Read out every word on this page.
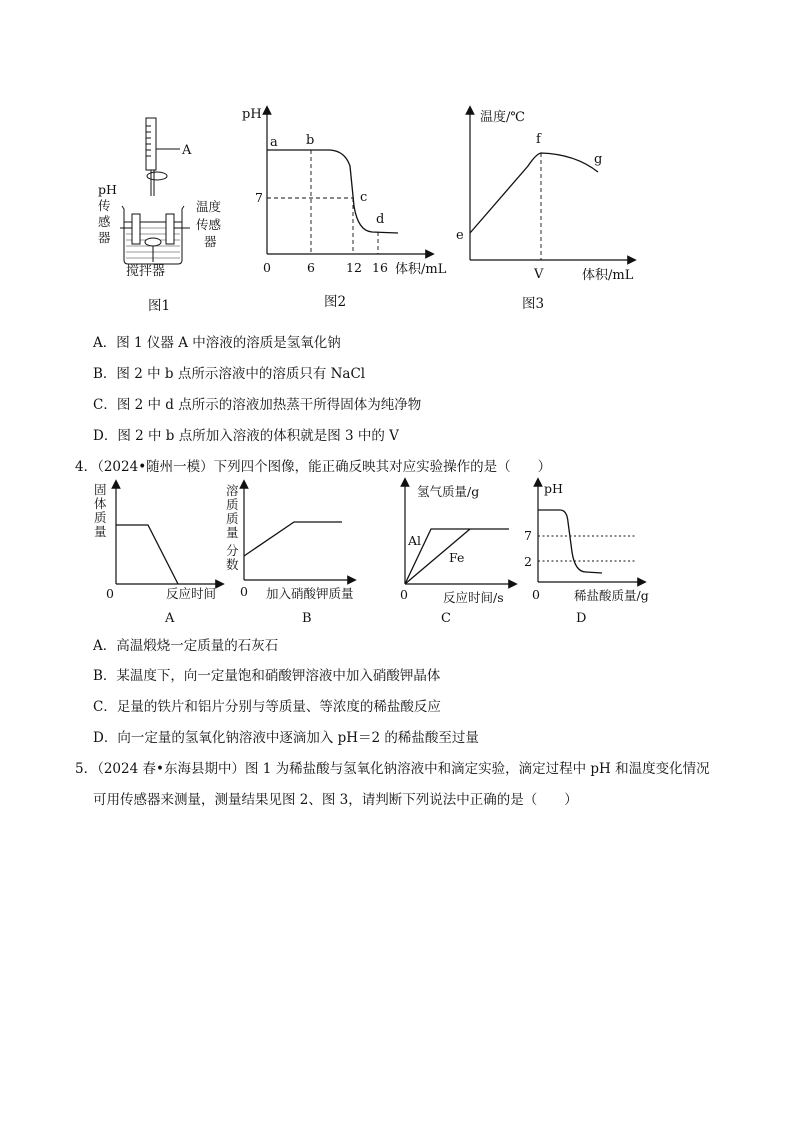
A
pH
传
感
器
温度
传感
器
搅拌器
图1
pH
体积/mL
7
0	6 12 16
a b
c
d
图2
温度/℃
体积/mL
V
e
f
g
图3
A．图 1 仪器 A 中溶液的溶质是氢氧化钠
B．图 2 中 b 点所示溶液中的溶质只有 NaCl
C．图 2 中 d 点所示的溶液加热蒸干所得固体为纯净物
D．图 2 中 b 点所加入溶液的体积就是图 3 中的 V
4．（2024•随州一模）下列四个图像，能正确反映其对应实验操作的是（　　）
固
体
质
量
0	反应时间
A
溶
质
质
量
分
数
0 加入硝酸钾质量
B
氢气质量/g
0	反应时间/s
Al
Fe
C
pH
0	稀盐酸质量/g
7
2
D
A．高温煅烧一定质量的石灰石
B．某温度下，向一定量饱和硝酸钾溶液中加入硝酸钾晶体
C．足量的铁片和铝片分别与等质量、等浓度的稀盐酸反应
D．向一定量的氢氧化钠溶液中逐滴加入 pH＝2 的稀盐酸至过量
5．（2024 春•东海县期中）图 1 为稀盐酸与氢氧化钠溶液中和滴定实验，滴定过程中 pH 和温度变化情况
可用传感器来测量，测量结果见图 2、图 3，请判断下列说法中正确的是（　　）
